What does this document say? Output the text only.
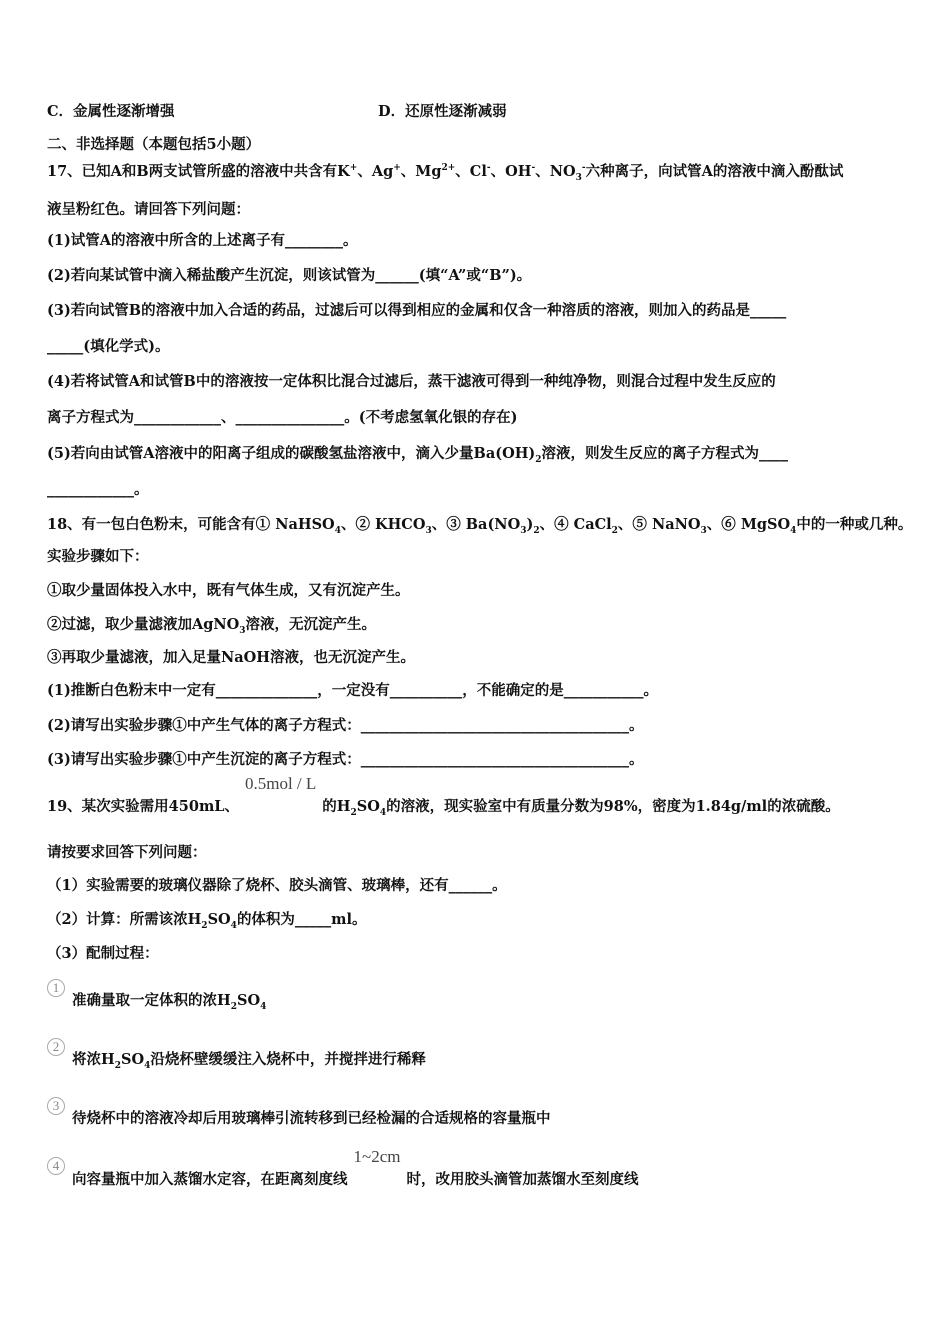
C．金属性逐渐增强	D．还原性逐渐减弱
二、非选择题（本题包括5小题）
17、已知A和B两支试管所盛的溶液中共含有K+、Ag+、$Mg^{2+}$、Cl-、OH-、$NO_3^-$六种离子，向试管A的溶液中滴入酚酞试
液呈粉红色。请回答下列问题：
(1)试管A的溶液中所含的上述离子有________。
(2)若向某试管中滴入稀盐酸产生沉淀，则该试管为______(填“A”或“B”)。
(3)若向试管B的溶液中加入合适的药品，过滤后可以得到相应的金属和仅含一种溶质的溶液，则加入的药品是_____
_____(填化学式)。
(4)若将试管A和试管B中的溶液按一定体积比混合过滤后，蒸干滤液可得到一种纯净物，则混合过程中发生反应的
离子方程式为____________、_______________。(不考虑氢氧化银的存在)
(5)若向由试管A溶液中的阳离子组成的碳酸氢盐溶液中，滴入少量$Ba(OH)_2$溶液，则发生反应的离子方程式为____
____________。
18、有一包白色粉末，可能含有① NaHSO$_4$、② $KHCO_3$、③ $Ba(NO_3)_2$、④ CaCl$_2$、⑤ NaNO$_3$、⑥ MgSO$_4$中的一种或几种。
实验步骤如下：
①取少量固体投入水中，既有气体生成，又有沉淀产生。
②过滤，取少量滤液加AgNO$_3$溶液，无沉淀产生。
③再取少量滤液，加入足量NaOH溶液，也无沉淀产生。
(1)推断白色粉末中一定有______________，一定没有__________，不能确定的是___________。
(2)请写出实验步骤①中产生气体的离子方程式：_____________________________________。
(3)请写出实验步骤①中产生沉淀的离子方程式：_____________________________________。
19、某次实验需用450mL、0.5mol / L的$H_2SO_4$的溶液，现实验室中有质量分数为98%，密度为1.84g/ml的浓硫酸。
请按要求回答下列问题：
（1）实验需要的玻璃仪器除了烧杯、胶头滴管、玻璃棒，还有______。
（2）计算：所需该浓$H_2SO_4$的体积为_____ml。
（3）配制过程：
1
准确量取一定体积的浓$H_2SO_4$
2
将浓$H_2SO_4$沿烧杯壁缓缓注入烧杯中，并搅拌进行稀释
3
待烧杯中的溶液冷却后用玻璃棒引流转移到已经检漏的合适规格的容量瓶中
4
向容量瓶中加入蒸馏水定容，在距离刻度线1~2cm时，改用胶头滴管加蒸馏水至刻度线
